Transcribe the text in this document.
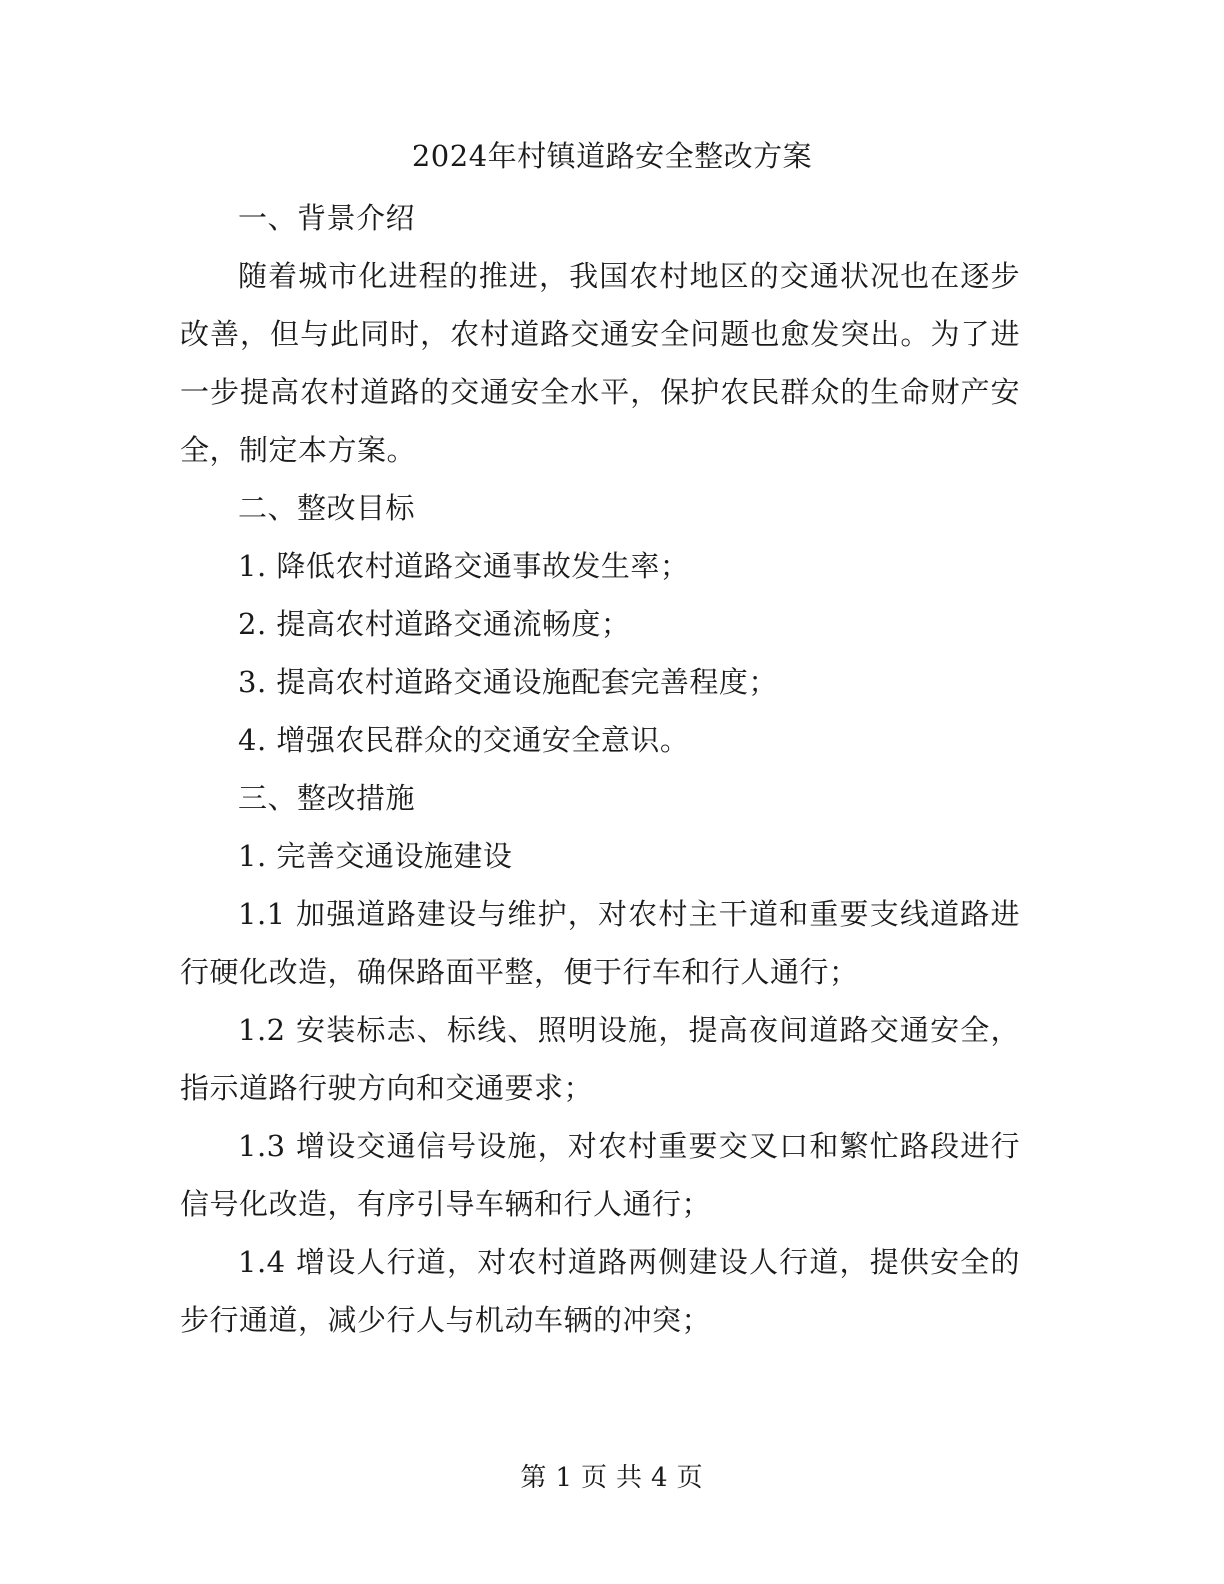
2024年村镇道路安全整改方案
一、背景介绍
随着城市化进程的推进，我国农村地区的交通状况也在逐步
改善，但与此同时，农村道路交通安全问题也愈发突出。为了进
一步提高农村道路的交通安全水平，保护农民群众的生命财产安
全，制定本方案。
二、整改目标
1. 降低农村道路交通事故发生率；
2. 提高农村道路交通流畅度；
3. 提高农村道路交通设施配套完善程度；
4. 增强农民群众的交通安全意识。
三、整改措施
1. 完善交通设施建设
1.1 加强道路建设与维护，对农村主干道和重要支线道路进
行硬化改造，确保路面平整，便于行车和行人通行；
1.2 安装标志、标线、照明设施，提高夜间道路交通安全，
指示道路行驶方向和交通要求；
1.3 增设交通信号设施，对农村重要交叉口和繁忙路段进行
信号化改造，有序引导车辆和行人通行；
1.4 增设人行道，对农村道路两侧建设人行道，提供安全的
步行通道，减少行人与机动车辆的冲突；
第 1 页 共 4 页
